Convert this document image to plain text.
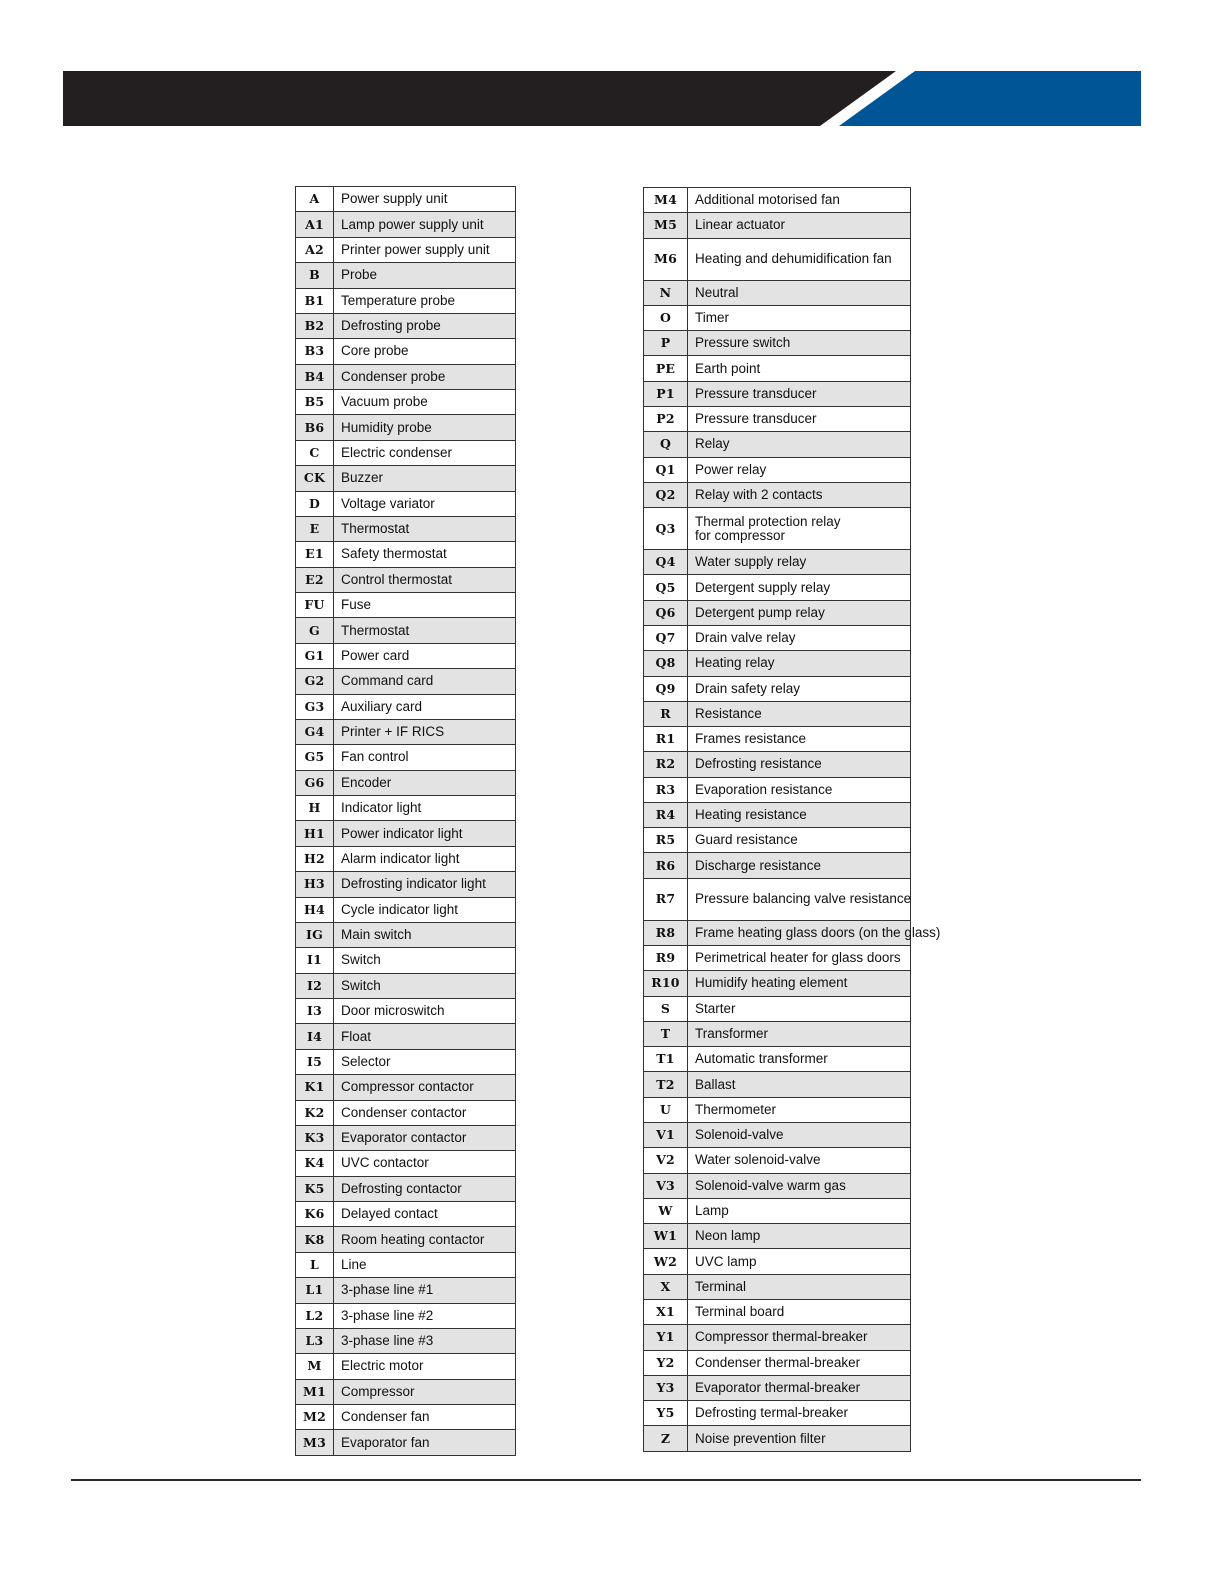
A	Power supply unit
A1	Lamp power supply unit
A2	Printer power supply unit
B	Probe
B1	Temperature probe
B2	Defrosting probe
B3	Core probe
B4	Condenser probe
B5	Vacuum probe
B6	Humidity probe
C	Electric condenser
CK	Buzzer
D	Voltage variator
E	Thermostat
E1	Safety thermostat
E2	Control thermostat
FU	Fuse
G	Thermostat
G1	Power card
G2	Command card
G3	Auxiliary card
G4	Printer + IF RICS
G5	Fan control
G6	Encoder
H	Indicator light
H1	Power indicator light
H2	Alarm indicator light
H3	Defrosting indicator light
H4	Cycle indicator light
IG	Main switch
I1	Switch
I2	Switch
I3	Door microswitch
I4	Float
I5	Selector
K1	Compressor contactor
K2	Condenser contactor
K3	Evaporator contactor
K4	UVC contactor
K5	Defrosting contactor
K6	Delayed contact
K8	Room heating contactor
L	Line
L1	3-phase line #1
L2	3-phase line #2
L3	3-phase line #3
M	Electric motor
M1	Compressor
M2	Condenser fan
M3	Evaporator fan
M4	Additional motorised fan
M5	Linear actuator
M6	Heating and dehumidification fan
N	Neutral
O	Timer
P	Pressure switch
PE	Earth point
P1	Pressure transducer
P2	Pressure transducer
Q	Relay
Q1	Power relay
Q2	Relay with 2 contacts
Q3	Thermal protection relay for compressor
Q4	Water supply relay
Q5	Detergent supply relay
Q6	Detergent pump relay
Q7	Drain valve relay
Q8	Heating relay
Q9	Drain safety relay
R	Resistance
R1	Frames resistance
R2	Defrosting resistance
R3	Evaporation resistance
R4	Heating resistance
R5	Guard resistance
R6	Discharge resistance
R7	Pressure balancing valve resistance
R8	Frame heating glass doors (on the glass)
R9	Perimetrical heater for glass doors
R10	Humidify heating element
S	Starter
T	Transformer
T1	Automatic transformer
T2	Ballast
U	Thermometer
V1	Solenoid-valve
V2	Water solenoid-valve
V3	Solenoid-valve warm gas
W	Lamp
W1	Neon lamp
W2	UVC lamp
X	Terminal
X1	Terminal board
Y1	Compressor thermal-breaker
Y2	Condenser thermal-breaker
Y3	Evaporator thermal-breaker
Y5	Defrosting termal-breaker
Z	Noise prevention filter
